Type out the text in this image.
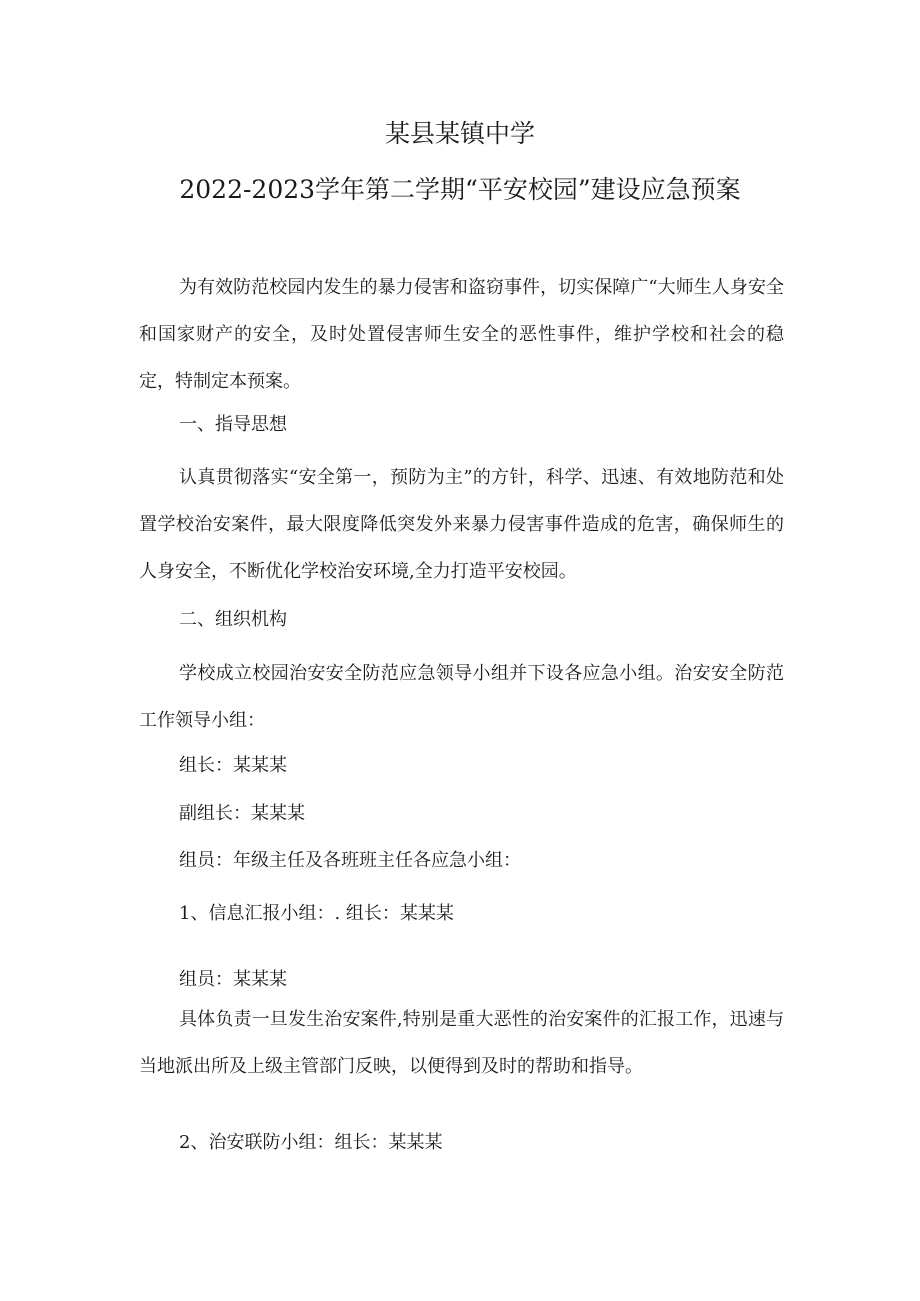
某县某镇中学
2022-2023学年第二学期“平安校园”建设应急预案

为有效防范校园内发生的暴力侵害和盗窃事件，切实保障广“大师生人身安全和国家财产的安全，及时处置侵害师生安全的恶性事件，维护学校和社会的稳定，特制定本预案。

一、指导思想

认真贯彻落实“安全第一，预防为主”的方针，科学、迅速、有效地防范和处置学校治安案件，最大限度降低突发外来暴力侵害事件造成的危害，确保师生的人身安全，不断优化学校治安环境,全力打造平安校园。

二、组织机构

学校成立校园治安安全防范应急领导小组并下设各应急小组。治安安全防范工作领导小组：

组长：某某某
副组长：某某某
组员：年级主任及各班班主任各应急小组：
1、信息汇报小组：. 组长：某某某
组员：某某某

具体负责一旦发生治安案件,特别是重大恶性的治安案件的汇报工作，迅速与当地派出所及上级主管部门反映，以便得到及时的帮助和指导。

2、治安联防小组：组长：某某某
